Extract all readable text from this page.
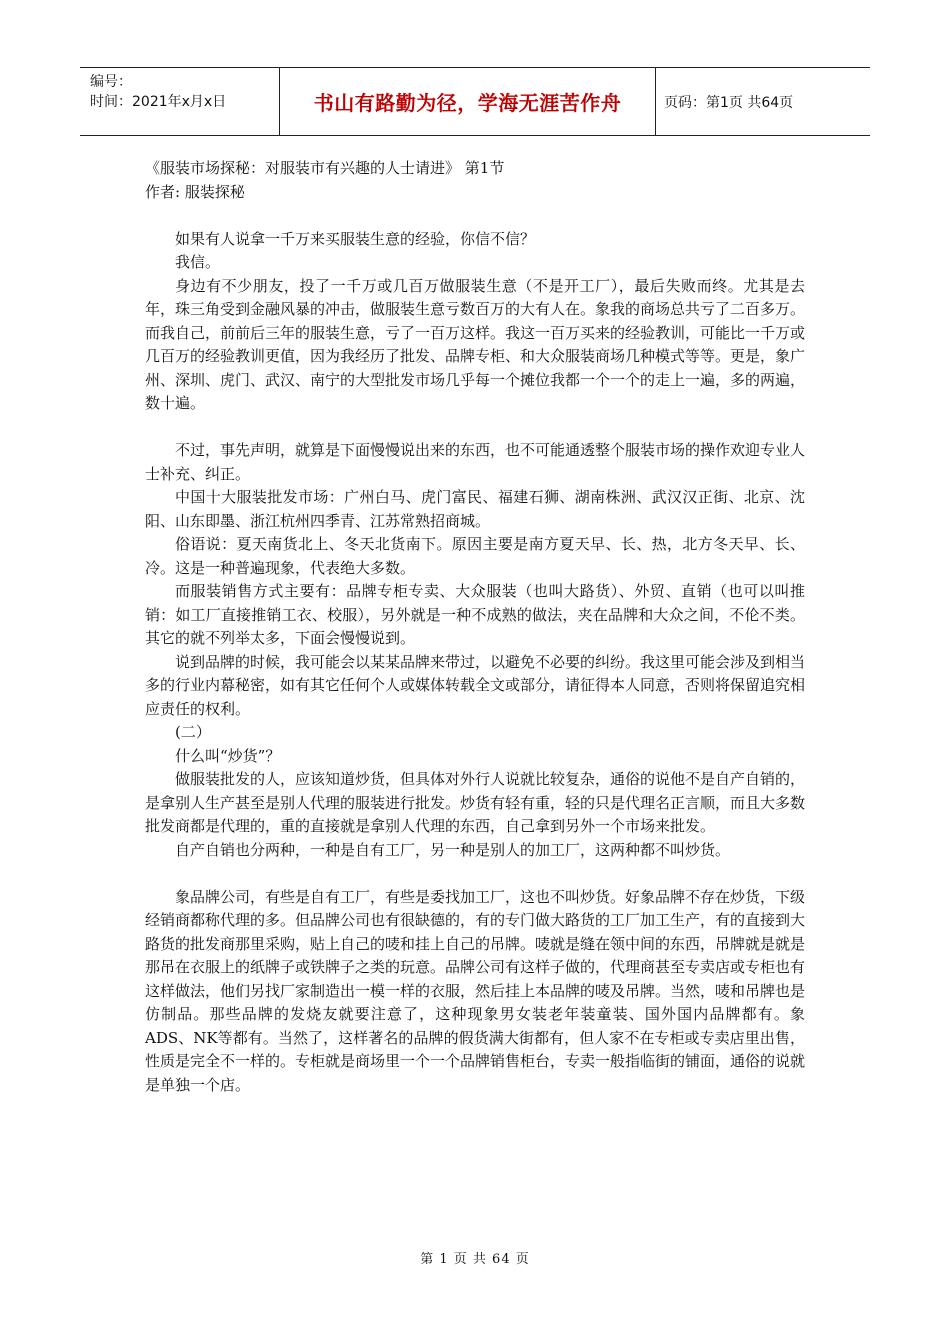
编号：
时间：2021年x月x日	书山有路勤为径，学海无涯苦作舟	页码：第1页 共64页

《服装市场探秘：对服装市有兴趣的人士请进》 第1节

作者: 服装探秘

如果有人说拿一千万来买服装生意的经验，你信不信？

我信。

身边有不少朋友，投了一千万或几百万做服装生意（不是开工厂），最后失败而终。尤其是去年，珠三角受到金融风暴的冲击，做服装生意亏数百万的大有人在。象我的商场总共亏了二百多万。而我自己，前前后三年的服装生意，亏了一百万这样。我这一百万买来的经验教训，可能比一千万或几百万的经验教训更值，因为我经历了批发、品牌专柜、和大众服装商场几种模式等等。更是，象广州、深圳、虎门、武汉、南宁的大型批发市场几乎每一个摊位我都一个一个的走上一遍，多的两遍，数十遍。

不过，事先声明，就算是下面慢慢说出来的东西，也不可能通透整个服装市场的操作欢迎专业人士补充、纠正。

中国十大服装批发市场：广州白马、虎门富民、福建石狮、湖南株洲、武汉汉正街、北京、沈阳、山东即墨、浙江杭州四季青、江苏常熟招商城。

俗语说：夏天南货北上、冬天北货南下。原因主要是南方夏天早、长、热，北方冬天早、长、冷。这是一种普遍现象，代表绝大多数。

而服装销售方式主要有：品牌专柜专卖、大众服装（也叫大路货）、外贸、直销（也可以叫推销：如工厂直接推销工衣、校服），另外就是一种不成熟的做法，夹在品牌和大众之间，不伦不类。其它的就不列举太多，下面会慢慢说到。

说到品牌的时候，我可能会以某某品牌来带过，以避免不必要的纠纷。我这里可能会涉及到相当多的行业内幕秘密，如有其它任何个人或媒体转载全文或部分，请征得本人同意，否则将保留追究相应责任的权利。

(二）

什么叫“炒货”？

做服装批发的人，应该知道炒货，但具体对外行人说就比较复杂，通俗的说他不是自产自销的，是拿别人生产甚至是别人代理的服装进行批发。炒货有轻有重，轻的只是代理名正言顺，而且大多数批发商都是代理的，重的直接就是拿别人代理的东西，自己拿到另外一个市场来批发。

自产自销也分两种，一种是自有工厂，另一种是别人的加工厂，这两种都不叫炒货。

象品牌公司，有些是自有工厂，有些是委找加工厂，这也不叫炒货。好象品牌不存在炒货，下级经销商都称代理的多。但品牌公司也有很缺德的，有的专门做大路货的工厂加工生产，有的直接到大路货的批发商那里采购，贴上自己的唛和挂上自己的吊牌。唛就是缝在领中间的东西，吊牌就是就是那吊在衣服上的纸牌子或铁牌子之类的玩意。品牌公司有这样子做的，代理商甚至专卖店或专柜也有这样做法，他们另找厂家制造出一模一样的衣服，然后挂上本品牌的唛及吊牌。当然，唛和吊牌也是仿制品。那些品牌的发烧友就要注意了，这种现象男女装老年装童装、国外国内品牌都有。象ADS、NK等都有。当然了，这样著名的品牌的假货满大街都有，但人家不在专柜或专卖店里出售，性质是完全不一样的。专柜就是商场里一个一个品牌销售柜台，专卖一般指临街的铺面，通俗的说就是单独一个店。

第 1 页 共 64 页
